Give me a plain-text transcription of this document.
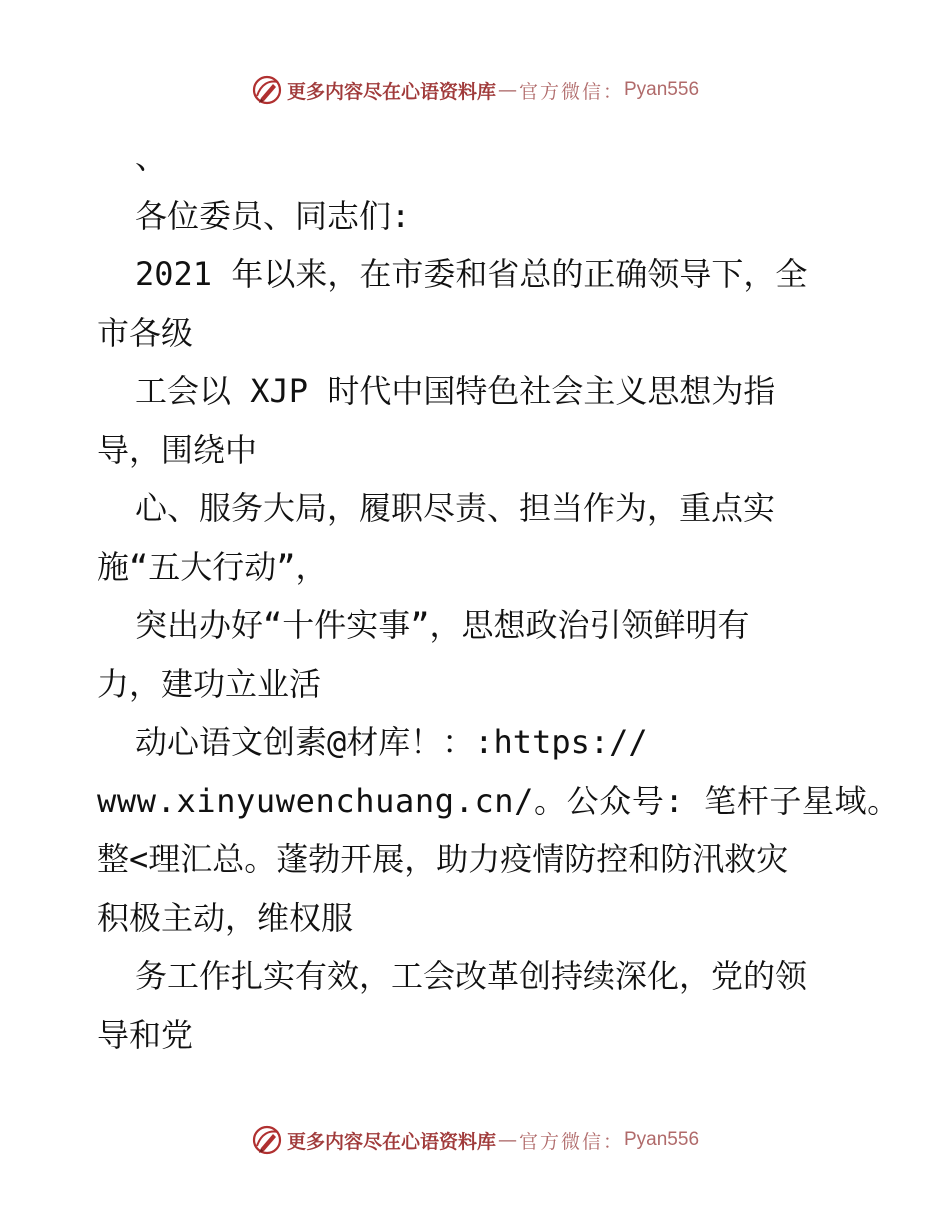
更多内容尽在心语资料库 — 官方微信： Pyan556
、
各位委员、同志们:
2021 年以来，在市委和省总的正确领导下，全
市各级
工会以 XJP 时代中国特色社会主义思想为指
导，围绕中
心、服务大局，履职尽责、担当作为，重点实
施“五大行动”，
突出办好“十件实事”，思想政治引领鲜明有
力，建功立业活
动心语文创素@材库！：:https://
www.xinyuwenchuang.cn/。公众号: 笔杆子星域。
整<理汇总。蓬勃开展，助力疫情防控和防汛救灾
积极主动，维权服
务工作扎实有效，工会改革创持续深化，党的领
导和党
更多内容尽在心语资料库 — 官方微信： Pyan556
